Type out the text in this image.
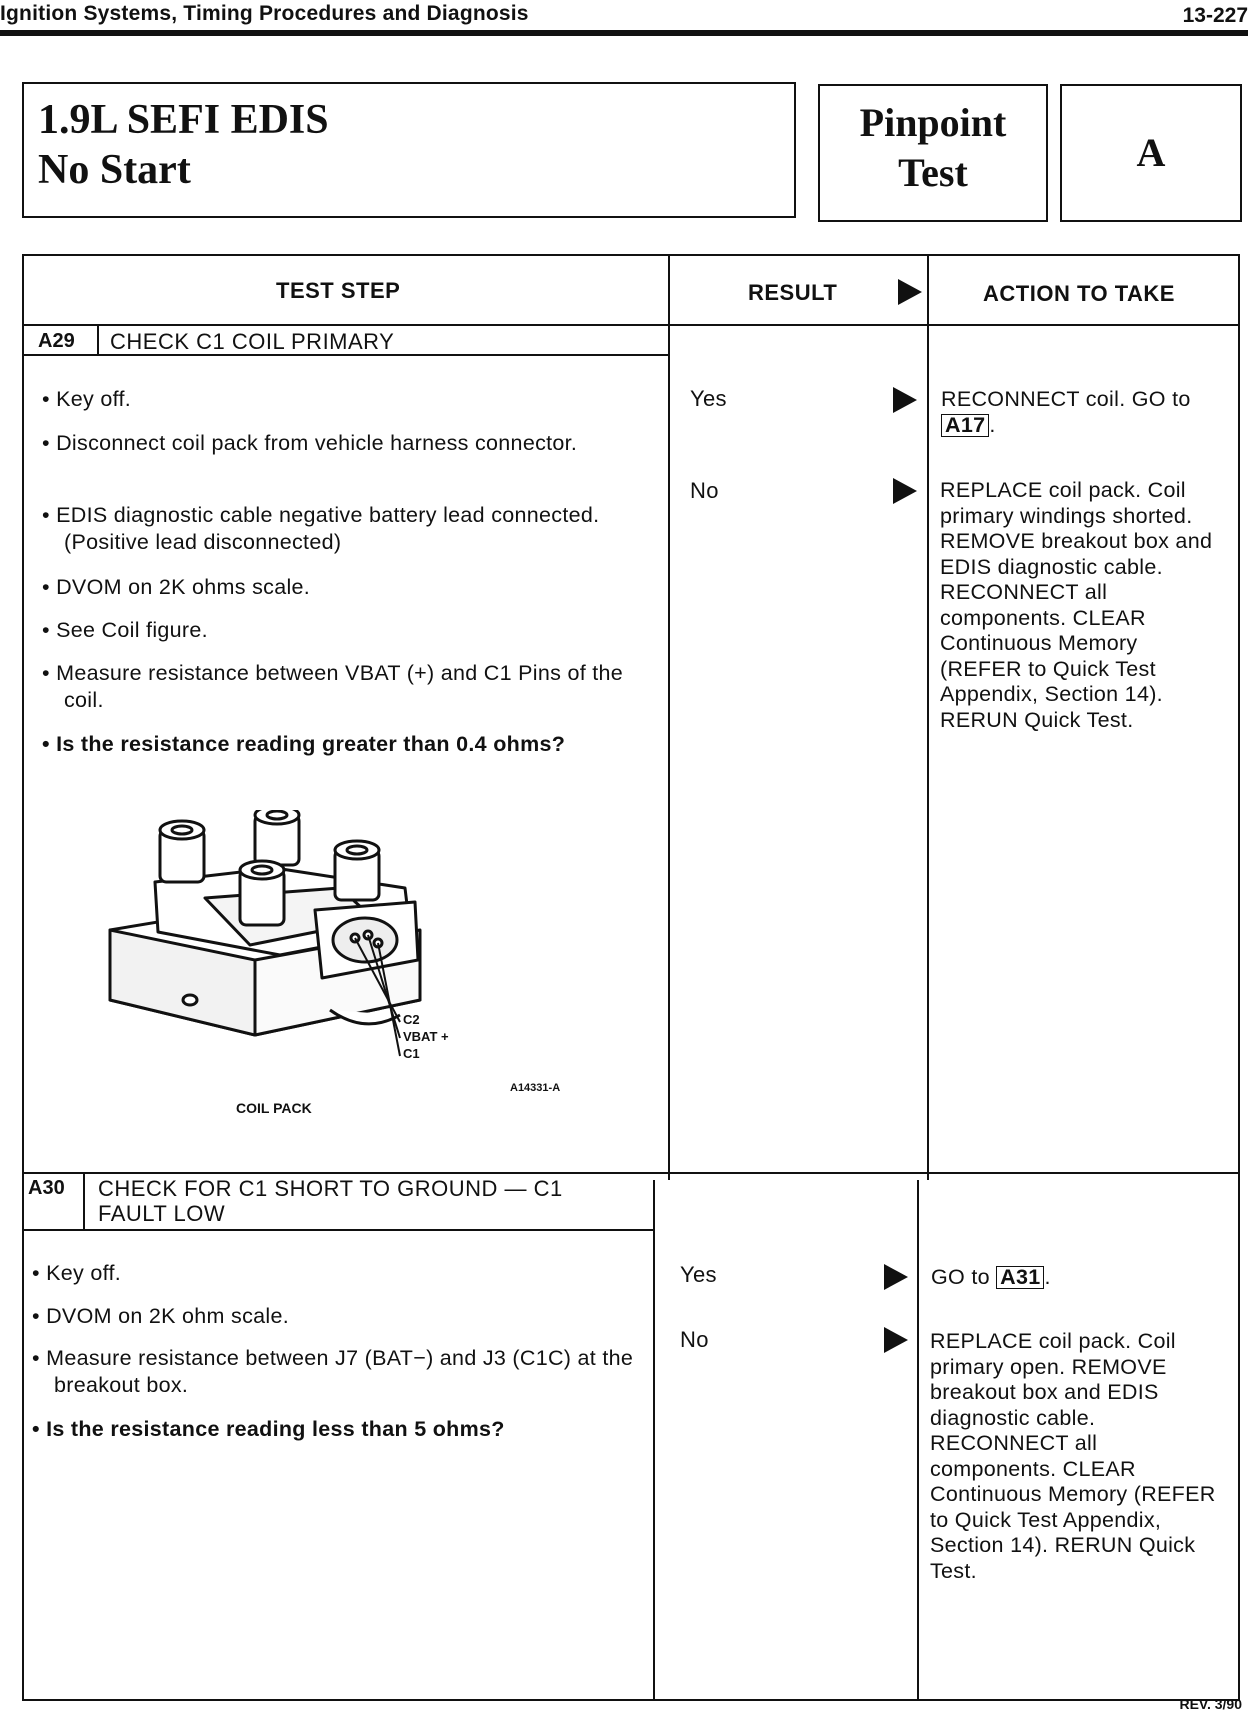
Ignition Systems, Timing Procedures and Diagnosis	13-227
1.9L SEFI EDIS
No Start
Pinpoint
Test	A
TEST STEP	RESULT	ACTION TO TAKE
A29 CHECK C1 COIL PRIMARY
• Key off.
• Disconnect coil pack from vehicle harness connector.
• EDIS diagnostic cable negative battery lead connected. (Positive lead disconnected)
• DVOM on 2K ohms scale.
• See Coil figure.
• Measure resistance between VBAT (+) and C1 Pins of the coil.
• Is the resistance reading greater than 0.4 ohms?
C2
VBAT +
C1
A14331-A
COIL PACK
Yes	RECONNECT coil. GO to A17 .
No	REPLACE coil pack. Coil primary windings shorted. REMOVE breakout box and EDIS diagnostic cable. RECONNECT all components. CLEAR Continuous Memory (REFER to Quick Test Appendix, Section 14). RERUN Quick Test.
A30 CHECK FOR C1 SHORT TO GROUND — C1 FAULT LOW
• Key off.
• DVOM on 2K ohm scale.
• Measure resistance between J7 (BAT−) and J3 (C1C) at the breakout box.
• Is the resistance reading less than 5 ohms?
Yes	GO to A31 .
No	REPLACE coil pack. Coil primary open. REMOVE breakout box and EDIS diagnostic cable. RECONNECT all components. CLEAR Continuous Memory (REFER to Quick Test Appendix, Section 14). RERUN Quick Test.
REV. 3/90
